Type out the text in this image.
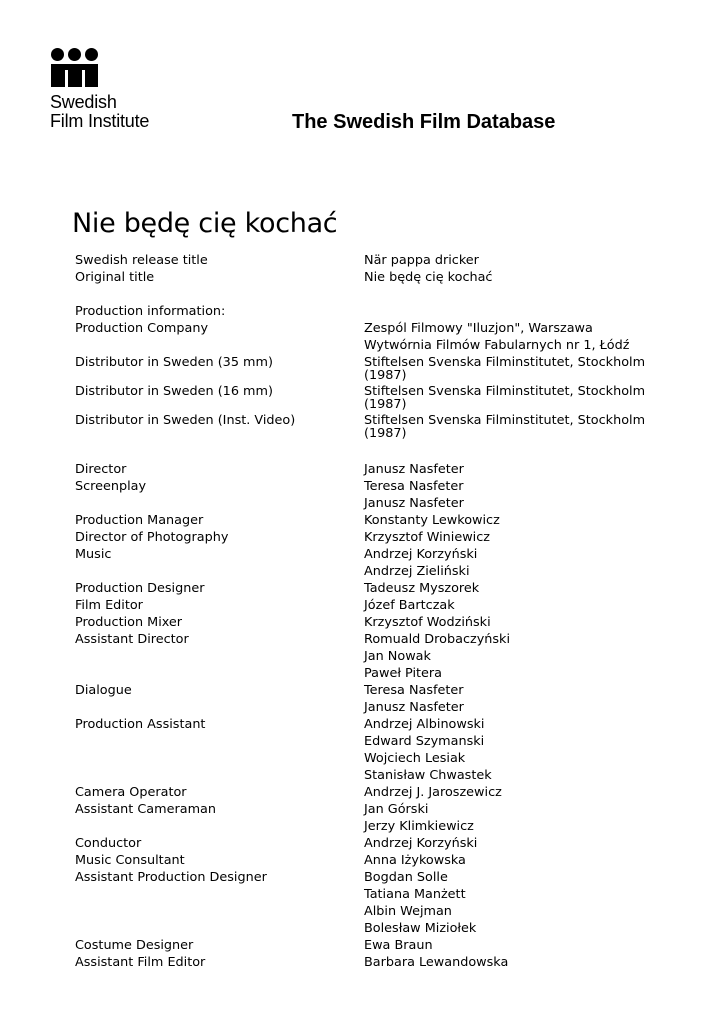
Swedish
Film Institute	The Swedish Film Database
Nie będę cię kochać
Swedish release title	När pappa dricker
Original title	Nie będę cię kochać
Production information:
Production Company	Zespól Filmowy "Iluzjon", Warszawa
Wytwórnia Filmów Fabularnych nr 1, Łódź
Distributor in Sweden (35 mm)	Stiftelsen Svenska Filminstitutet, Stockholm (1987)
Distributor in Sweden (16 mm)	Stiftelsen Svenska Filminstitutet, Stockholm (1987)
Distributor in Sweden (Inst. Video)	Stiftelsen Svenska Filminstitutet, Stockholm (1987)
Director	Janusz Nasfeter
Screenplay	Teresa Nasfeter
Janusz Nasfeter
Production Manager	Konstanty Lewkowicz
Director of Photography	Krzysztof Winiewicz
Music	Andrzej Korzyński
Andrzej Zieliński
Production Designer	Tadeusz Myszorek
Film Editor	Józef Bartczak
Production Mixer	Krzysztof Wodziński
Assistant Director	Romuald Drobaczyński
Jan Nowak
Paweł Pitera
Dialogue	Teresa Nasfeter
Janusz Nasfeter
Production Assistant	Andrzej Albinowski
Edward Szymanski
Wojciech Lesiak
Stanisław Chwastek
Camera Operator	Andrzej J. Jaroszewicz
Assistant Cameraman	Jan Górski
Jerzy Klimkiewicz
Conductor	Andrzej Korzyński
Music Consultant	Anna Iżykowska
Assistant Production Designer	Bogdan Solle
Tatiana Manżett
Albin Wejman
Bolesław Miziołek
Costume Designer	Ewa Braun
Assistant Film Editor	Barbara Lewandowska
